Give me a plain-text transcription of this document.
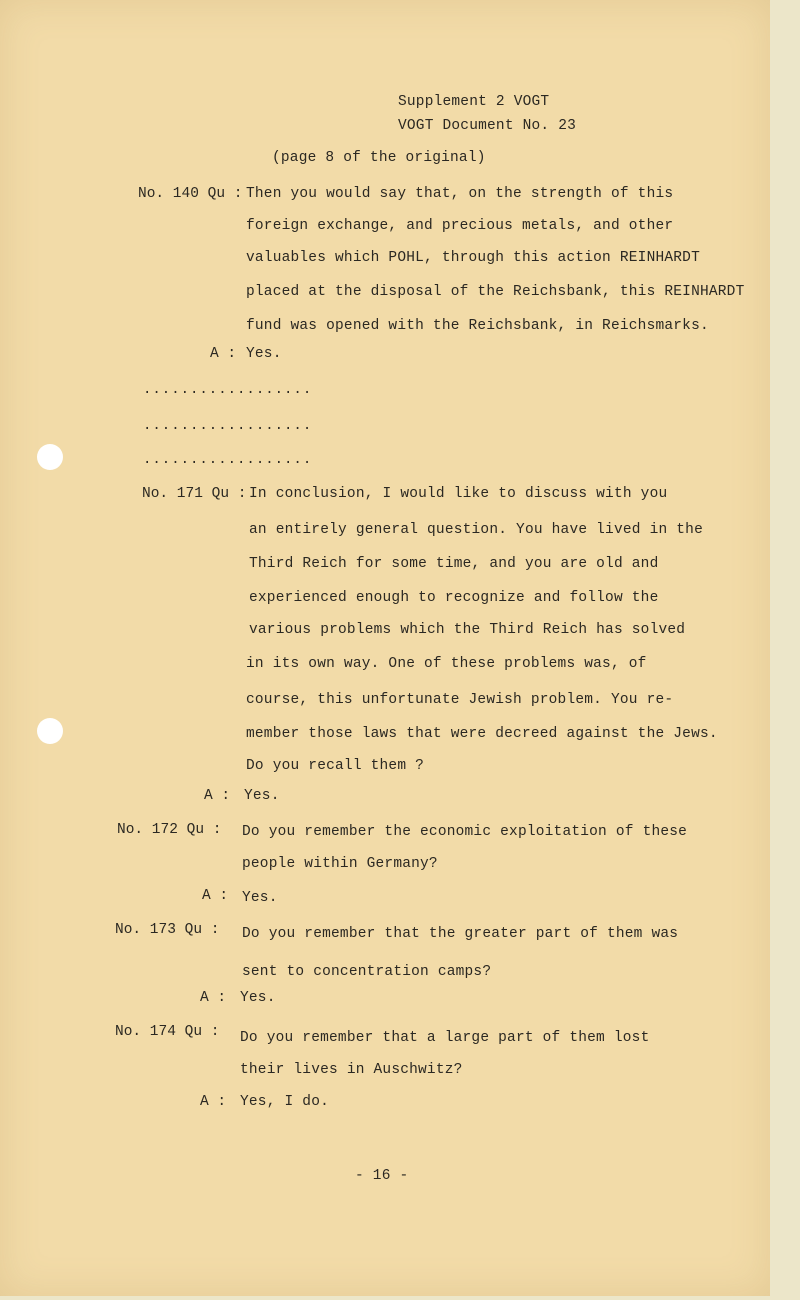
Supplement 2 VOGT
VOGT Document No. 23
(page 8 of the original)
No. 140 Qu : Then you would say that, on the strength of this
foreign exchange, and precious metals, and other
valuables which POHL, through this action REINHARDT
placed at the disposal of the Reichsbank, this REINHARDT
fund was opened with the Reichsbank, in Reichsmarks.
A : Yes.
..................
..................
..................
No. 171 Qu : In conclusion, I would like to discuss with you
an entirely general question. You have lived in the
Third Reich for some time, and you are old and
experienced enough to recognize and follow the
various problems which the Third Reich has solved
in its own way. One of these problems was, of
course, this unfortunate Jewish problem. You re-
member those laws that were decreed against the Jews.
Do you recall them ?
A : Yes.
No. 172 Qu : Do you remember the economic exploitation of these
people within Germany?
A : Yes.
No. 173 Qu : Do you remember that the greater part of them was
sent to concentration camps?
A : Yes.
No. 174 Qu : Do you remember that a large part of them lost
their lives in Auschwitz?
A : Yes, I do.
- 16 -
